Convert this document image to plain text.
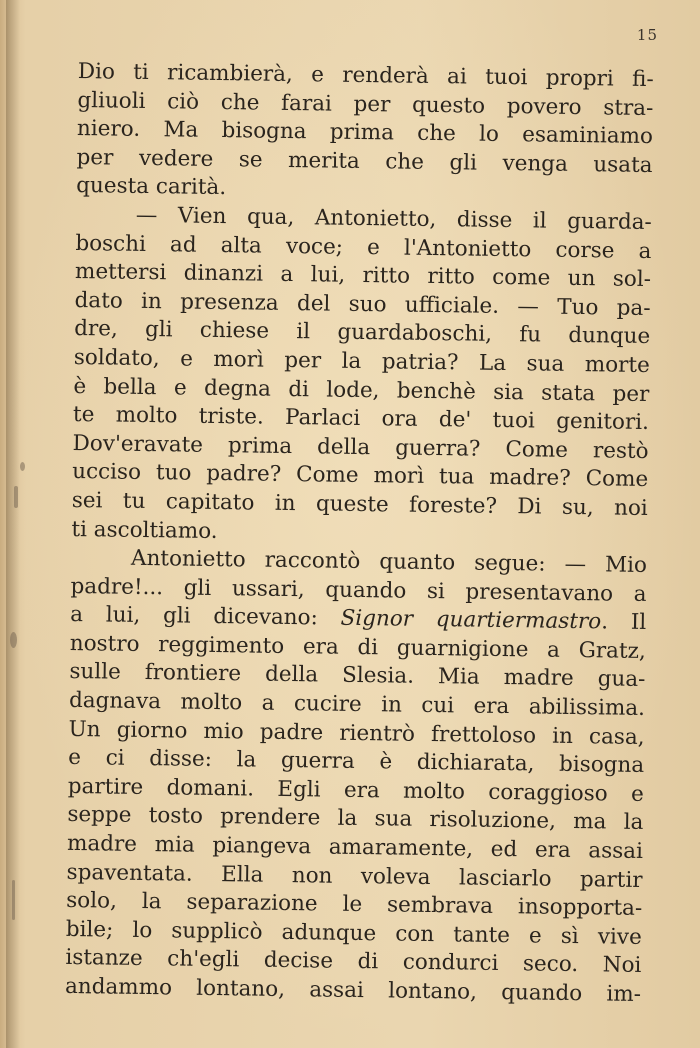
15
Dio ti ricambierà, e renderà ai tuoi propri fi-
gliuoli ciò che farai per questo povero stra-
niero. Ma bisogna prima che lo esaminiamo
per vedere se merita che gli venga usata
questa carità.
— Vien qua, Antonietto, disse il guarda-
boschi ad alta voce; e l'Antonietto corse a
mettersi dinanzi a lui, ritto ritto come un sol-
dato in presenza del suo ufficiale. — Tuo pa-
dre, gli chiese il guardaboschi, fu dunque
soldato, e morì per la patria? La sua morte
è bella e degna di lode, benchè sia stata per
te molto triste. Parlaci ora de' tuoi genitori.
Dov'eravate prima della guerra? Come restò
ucciso tuo padre? Come morì tua madre? Come
sei tu capitato in queste foreste? Di su, noi
ti ascoltiamo.
Antonietto raccontò quanto segue: — Mio
padre!... gli ussari, quando si presentavano a
a lui, gli dicevano: Signor quartiermastro. Il
nostro reggimento era di guarnigione a Gratz,
sulle frontiere della Slesia. Mia madre gua-
dagnava molto a cucire in cui era abilissima.
Un giorno mio padre rientrò frettoloso in casa,
e ci disse: la guerra è dichiarata, bisogna
partire domani. Egli era molto coraggioso e
seppe tosto prendere la sua risoluzione, ma la
madre mia piangeva amaramente, ed era assai
spaventata. Ella non voleva lasciarlo partir
solo, la separazione le sembrava insopporta-
bile; lo supplicò adunque con tante e sì vive
istanze ch'egli decise di condurci seco. Noi
andammo lontano, assai lontano, quando im-
